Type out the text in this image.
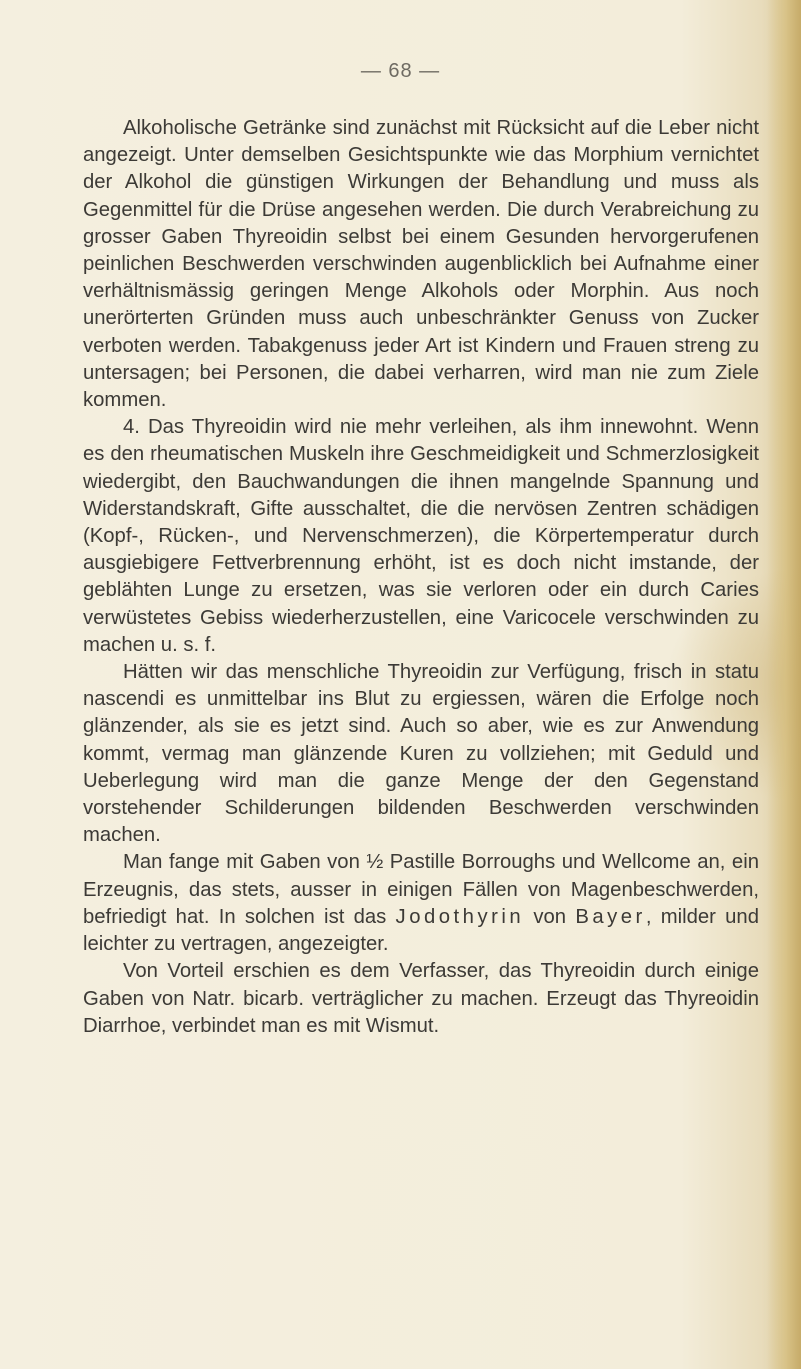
— 68 —

Alkoholische Getränke sind zunächst mit Rücksicht auf die Leber nicht angezeigt. Unter demselben Gesichtspunkte wie das Morphium vernichtet der Alkohol die günstigen Wirkungen der Behandlung und muss als Gegenmittel für die Drüse angesehen werden. Die durch Verabreichung zu grosser Gaben Thyreoidin selbst bei einem Gesunden hervorgerufenen peinlichen Beschwerden verschwinden augenblicklich bei Aufnahme einer verhältnismässig geringen Menge Alkohols oder Morphin. Aus noch unerörterten Gründen muss auch unbeschränkter Genuss von Zucker verboten werden. Tabakgenuss jeder Art ist Kindern und Frauen streng zu untersagen; bei Personen, die dabei verharren, wird man nie zum Ziele kommen.

4. Das Thyreoidin wird nie mehr verleihen, als ihm innewohnt. Wenn es den rheumatischen Muskeln ihre Geschmeidigkeit und Schmerzlosigkeit wiedergibt, den Bauchwandungen die ihnen mangelnde Spannung und Widerstandskraft, Gifte ausschaltet, die die nervösen Zentren schädigen (Kopf-, Rücken-, und Nervenschmerzen), die Körpertemperatur durch ausgiebigere Fettverbrennung erhöht, ist es doch nicht imstande, der geblähten Lunge zu ersetzen, was sie verloren oder ein durch Caries verwüstetes Gebiss wiederherzustellen, eine Varicocele verschwinden zu machen u. s. f.

Hätten wir das menschliche Thyreoidin zur Verfügung, frisch in statu nascendi es unmittelbar ins Blut zu ergiessen, wären die Erfolge noch glänzender, als sie es jetzt sind. Auch so aber, wie es zur Anwendung kommt, vermag man glänzende Kuren zu vollziehen; mit Geduld und Ueberlegung wird man die ganze Menge der den Gegenstand vorstehender Schilderungen bildenden Beschwerden verschwinden machen.

Man fange mit Gaben von ½ Pastille Borroughs und Wellcome an, ein Erzeugnis, das stets, ausser in einigen Fällen von Magenbeschwerden, befriedigt hat. In solchen ist das Jodothyrin von Bayer, milder und leichter zu vertragen, angezeigter.

Von Vorteil erschien es dem Verfasser, das Thyreoidin durch einige Gaben von Natr. bicarb. verträglicher zu machen. Erzeugt das Thyreoidin Diarrhoe, verbindet man es mit Wismut.
